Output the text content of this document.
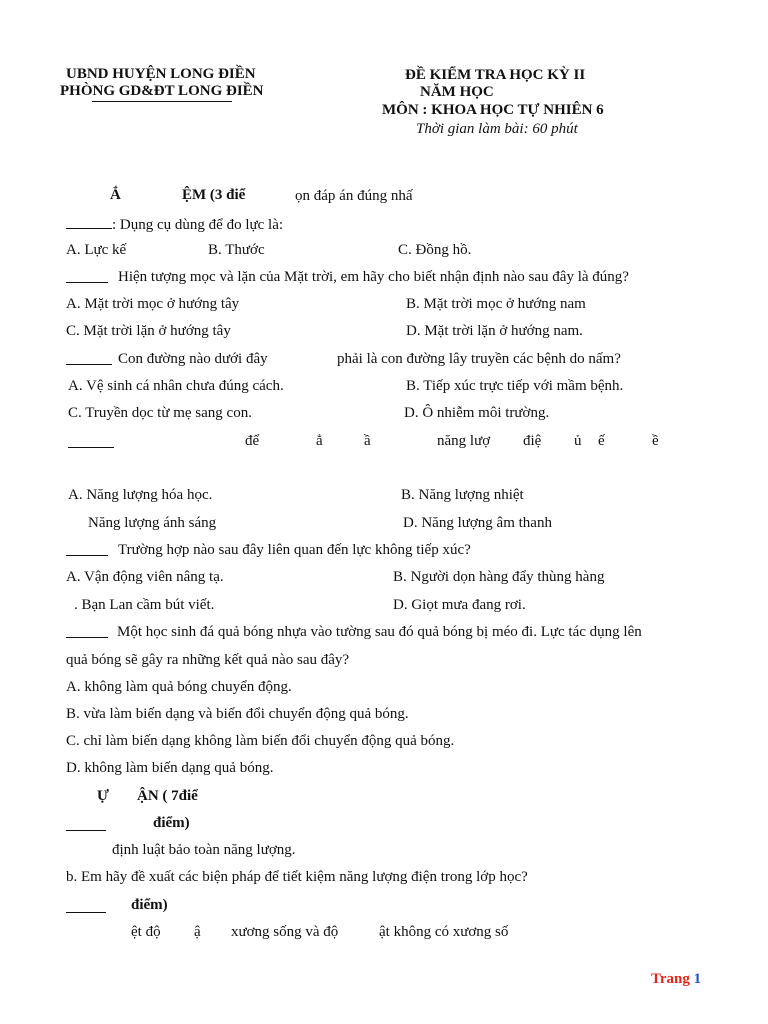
UBND HUYỆN LONG ĐIỀN
PHÒNG GD&ĐT LONG ĐIỀN
ĐỀ KIỂM TRA HỌC KỲ II
NĂM HỌC
MÔN : KHOA HỌC TỰ NHIÊN 6
Thời gian làm bài: 60 phút
Ắ	ỆM (3 điể	ọn đáp án đúng nhấ
: Dụng cụ dùng để đo lực là:
A. Lực kế	B. Thước	C. Đồng hồ.
Hiện tượng mọc và lặn của Mặt trời, em hãy cho biết nhận định nào sau đây là đúng?
A. Mặt trời mọc ở hướng tây	B. Mặt trời mọc ở hướng nam
C. Mặt trời lặn ở hướng tây	D. Mặt trời lặn ở hướng nam.
Con đường nào dưới đây	phải là con đường lây truyền các bệnh do nấm?
A. Vệ sinh cá nhân chưa đúng cách.	B. Tiếp xúc trực tiếp với mầm bệnh.
C. Truyền dọc từ mẹ sang con.	D. Ô nhiễm môi trường.
để	ẳ	ầ	năng lượ điệ ủ ế	ề
A. Năng lượng hóa học.	B. Năng lượng nhiệt
Năng lượng ánh sáng	D. Năng lượng âm thanh
Trường hợp nào sau đây liên quan đến lực không tiếp xúc?
A. Vận động viên nâng tạ.	B. Người dọn hàng đẩy thùng hàng
. Bạn Lan cầm bút viết.	D. Giọt mưa đang rơi.
Một học sinh đá quả bóng nhựa vào tường sau đó quả bóng bị méo đi. Lực tác dụng lên
quả bóng sẽ gây ra những kết quả nào sau đây?
A. không làm quả bóng chuyển động.
B. vừa làm biến dạng và biến đổi chuyển động quả bóng.
C. chỉ làm biến dạng không làm biến đổi chuyển động quả bóng.
D. không làm biến dạng quả bóng.
Ự ẬN ( 7điể
điểm)
định luật bảo toàn năng lượng.
b. Em hãy đề xuất các biện pháp để tiết kiệm năng lượng điện trong lớp học?
điểm)
ệt độ ậ xương sống và độ	ật không có xương số
Trang 1
